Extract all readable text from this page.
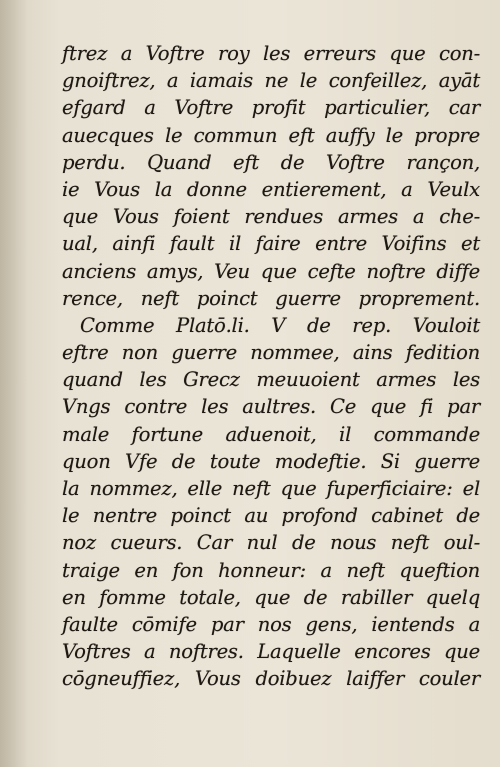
ftrez a Voftre roy les erreurs que con-
gnoiftrez, a iamais ne le confeillez, ayāt
efgard a Voftre profit particulier, car
auecques le commun eft auffy le propre
perdu. Quand eft de Voftre rançon,
ie Vous la donne entierement, a Veulx
que Vous foient rendues armes a che-
ual, ainfi fault il faire entre Voifins et
anciens amys, Veu que cefte noftre diffe
rence, neft poinct guerre proprement.
Comme Platō.li. V de rep. Vouloit
eftre non guerre nommee, ains fedition
quand les Grecz meuuoient armes les
Vngs contre les aultres. Ce que fi par
male fortune aduenoit, il commande
quon Vfe de toute modeftie. Si guerre
la nommez, elle neft que fuperficiaire: el
le nentre poinct au profond cabinet de
noz cueurs. Car nul de nous neft oul-
traige en fon honneur: a neft queftion
en fomme totale, que de rabiller quelq
faulte cōmife par nos gens, ientends a
Voftres a noftres. Laquelle encores que
cōgneuffiez, Vous doibuez laiffer couler
